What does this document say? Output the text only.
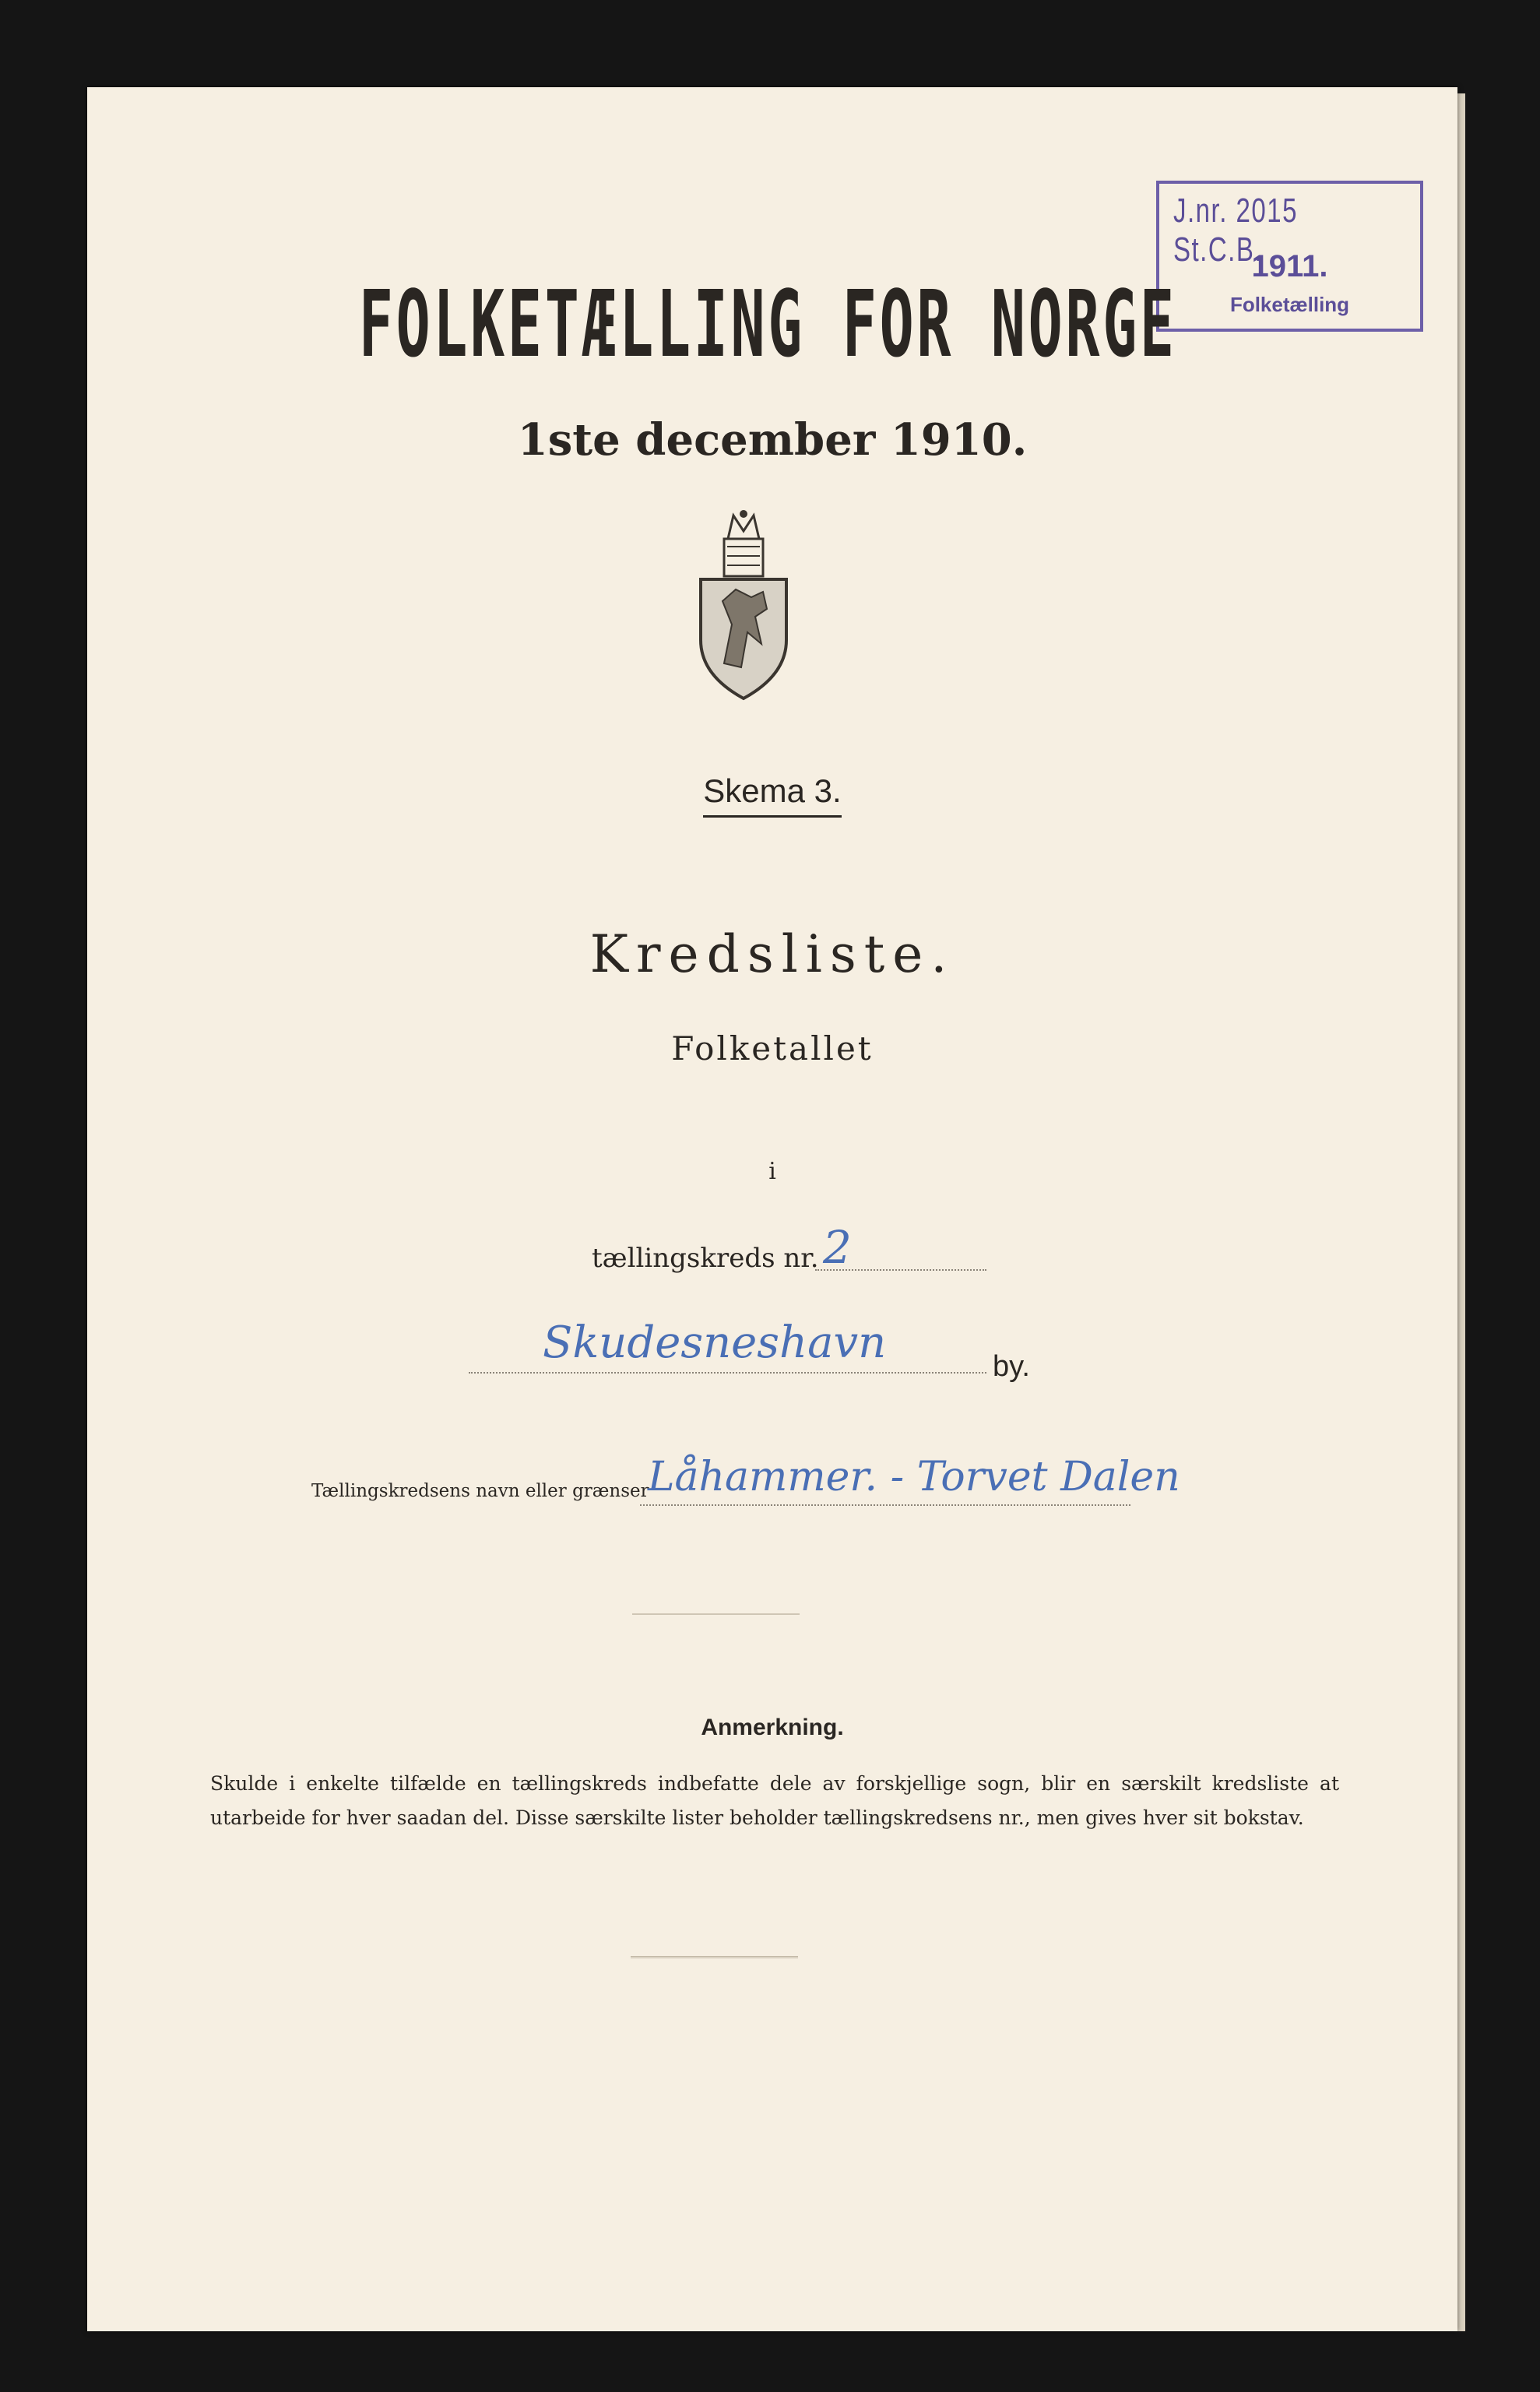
J.nr. 2015 St.C.B.
1911.
Folketælling
FOLKETÆLLING FOR NORGE
1ste december 1910.
Skema 3.
Kredsliste.
Folketallet
i
tællingskreds nr. 2
Skudesneshavn	by.
Tællingskredsens navn eller grænser
Låhammer. - Torvet Dalen
Anmerkning.
Skulde i enkelte tilfælde en tællingskreds indbefatte dele av forskjellige sogn, blir en særskilt kredsliste at utarbeide for hver saadan del. Disse særskilte lister beholder tællingskredsens nr., men gives hver sit bokstav.
